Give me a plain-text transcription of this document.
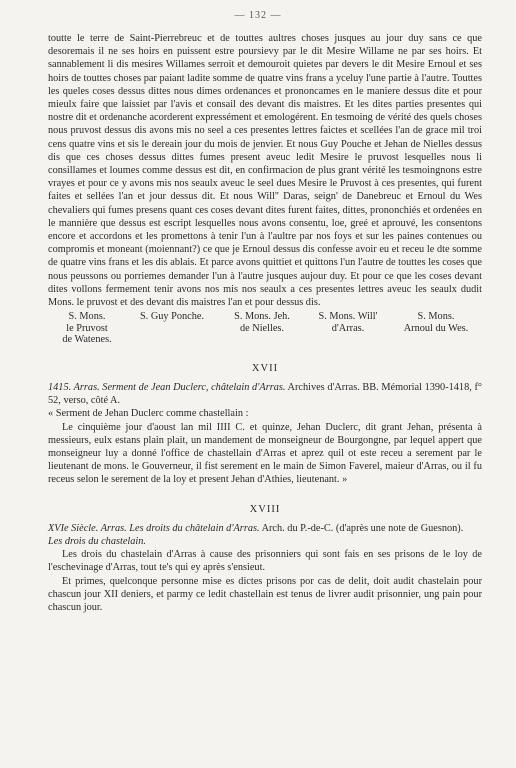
— 132 —

toutte le terre de Saint-Pierrebreuc et de touttes aultres choses jusques au jour duy sans ce que desoremais il ne ses hoirs en puissent estre poursievy par le dit Mesire Willame ne par ses hoirs. Et sannablement li dis mesires Willames serroit et demouroit quietes par devers le dit Mesire Ernoul et ses hoirs de touttes choses par paiant ladite somme de quatre vins frans a yceluy l'une partie à l'autre. Touttes les queles coses dessus dittes nous dimes ordenances et prononcames en le maniere dessus dite et pour mieulx faire que laissiet par l'avis et consail des devant dis maistres. Et les dites parties presentes qui nostre dit et ordenanche acorderent expressément et emologérent. En tesmoing de vérité des quels choses nous pruvost dessus dis avons mis no seel a ces presentes lettres faictes et scellées l'an de grace mil troi cens quatre vins et sis le dereain jour du mois de jenvier. Et nous Guy Pouche et Jehan de Nielles dessus dis que ces choses dessus dittes fumes present aveuc ledit Mesire le pruvost lesquelles nous li consillames et loumes comme dessus est dit, en confirmacion de plus grant vérité les tesmoingnons estre vrayes et pour ce y avons mis nos seaulx aveuc le seel dues Mesire le Pruvost à ces presentes, qui furent faites et sellées l'an et jour dessus dit. Et nous Will'' Daras, seign' de Danebreuc et Ernoul du Wes chevaliers qui fumes presens quant ces coses devant dites furent faites, dittes, prononchiés et ordenées en le mannière que dessus est escript lesquelles nous avons consentu, loe, greé et aprouvé, les consentons encore et accordons et les promettons à tenir l'un à l'aultre par nos foys et sur les paines contenues ou compromis et moneant (moiennant?) ce que je Ernoul dessus dis confesse avoir eu et receu le dte somme de quatre vins frans et les dis ablais. Et parce avons quittiet et quittons l'un l'autre de touttes les coses que nous peussons ou porriemes demander l'un à l'autre jusques aujour duy. Et pour ce que les coses devant dites vollons fermement tenir avons nos mis nos seaulx a ces presentes lettres aveuc les seaulx dudit Mons. le pruvost et des devant dis maistres l'an et pour dessus dis.

S. Mons.
le Pruvost
de Watenes.
S. Guy Ponche.	S. Mons. Jeh.
de Nielles.
S. Mons. Will'
d'Arras.
S. Mons.
Arnoul du Wes.
XVII

1415. Arras. Serment de Jean Duclerc, châtelain d'Arras. Archives d'Arras. BB. Mémorial 1390-1418, f° 52, verso, côté A.

« Serment de Jehan Duclerc comme chastellain :

Le cinquième jour d'aoust lan mil IIII C. et quinze, Jehan Duclerc, dit grant Jehan, présenta à messieurs, eulx estans plain plait, un mandement de monseigneur de Bourgongne, par lequel appert que monseigneur luy a donné l'office de chastellain d'Arras et aprez quil ot este receu a serement par le lieutenant de mons. le Gouverneur, il fist serement en le main de Simon Faverel, maieur d'Arras, ou il fu receus selon le serement de la loy et present Jehan d'Athies, lieutenant. »

XVIII

XVIe Siècle. Arras. Les droits du châtelain d'Arras. Arch. du P.-de-C. (d'après une note de Guesnon).

Les drois du chastelain.

Les drois du chastelain d'Arras à cause des prisonniers qui sont fais en ses prisons de le loy de l'eschevinage d'Arras, tout te's qui ey après s'ensieut.

Et primes, quelconque personne mise es dictes prisons por cas de delit, doit audit chastelain pour chascun jour XII deniers, et parmy ce ledit chastellain est tenus de livrer audit prisonnier, ung pain pour chascun jour.
